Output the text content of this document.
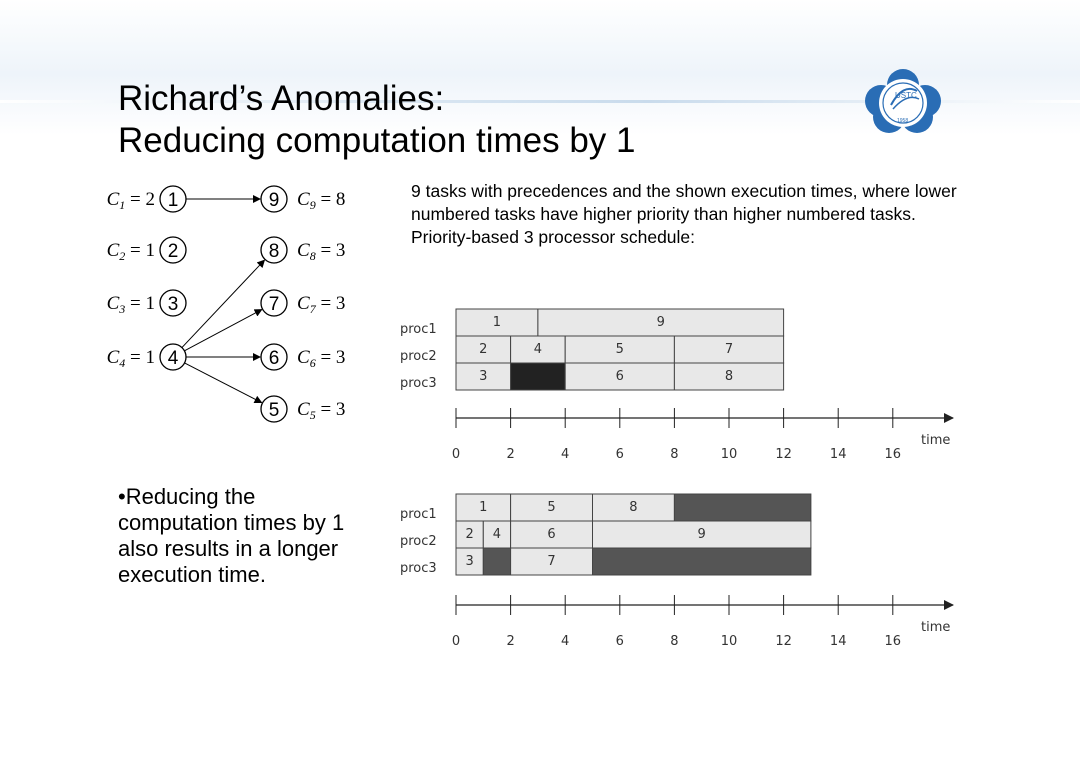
Richard’s Anomalies:
Reducing computation times by 1
USTC
1958
9 tasks with precedences and the shown execution times, where lower numbered tasks have higher priority than higher numbered tasks. Priority-based 3 processor schedule:
•Reducing the computation times by 1 also results in a longer execution time.
$C_1 = 2$ 1
$C_2 = 1$ 2
$C_3 = 1$ 3
$C_4 = 1$ 4
9 $C_9 = 8$
8 $C_8 = 3$
7 $C_7 = 3$
6 $C_6 = 3$
5 $C_5 = 3$
proc1
proc2
proc3
1	9
2	4	5	7
3	6	8
0	2	4	6	8	10	12	14	16
time
proc1
proc2
proc3
1	5	8
2 4	6	9
3	7
0	2	4	6	8	10	12	14	16
time
